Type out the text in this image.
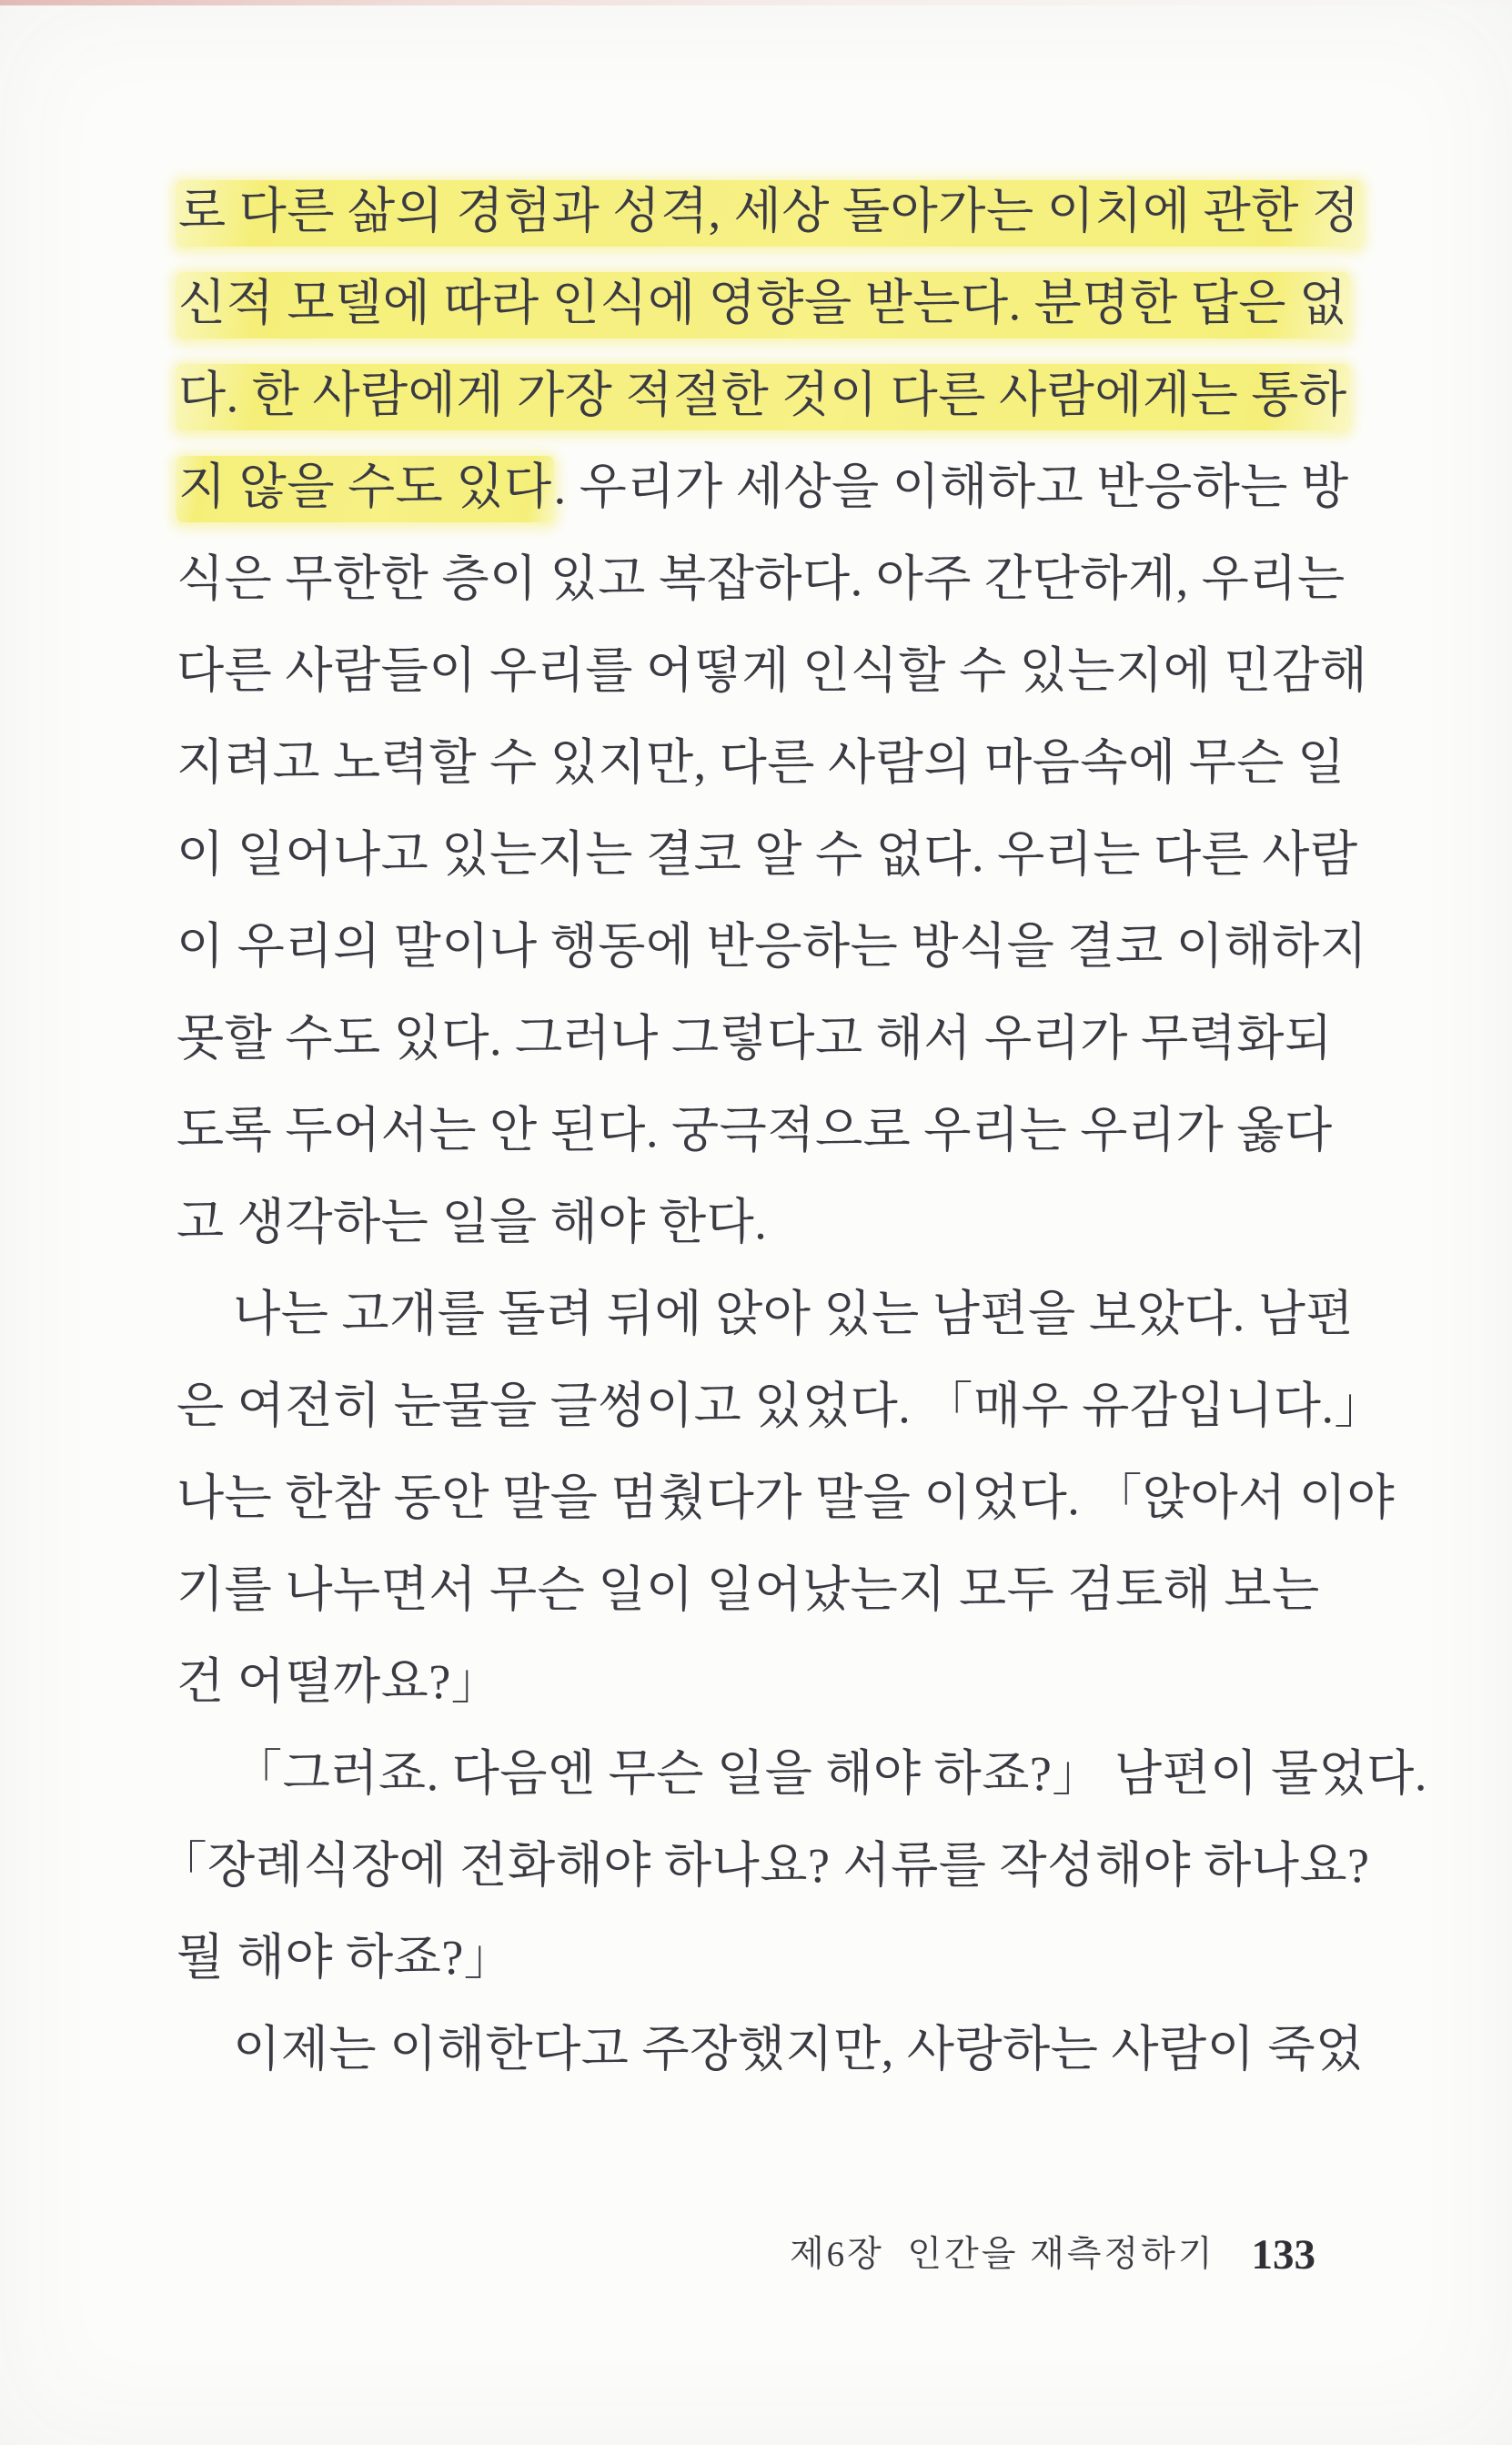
로 다른 삶의 경험과 성격, 세상 돌아가는 이치에 관한 정
신적 모델에 따라 인식에 영향을 받는다. 분명한 답은 없
다. 한 사람에게 가장 적절한 것이 다른 사람에게는 통하
지 않을 수도 있다. 우리가 세상을 이해하고 반응하는 방
식은 무한한 층이 있고 복잡하다. 아주 간단하게, 우리는
다른 사람들이 우리를 어떻게 인식할 수 있는지에 민감해
지려고 노력할 수 있지만, 다른 사람의 마음속에 무슨 일
이 일어나고 있는지는 결코 알 수 없다. 우리는 다른 사람
이 우리의 말이나 행동에 반응하는 방식을 결코 이해하지
못할 수도 있다. 그러나 그렇다고 해서 우리가 무력화되
도록 두어서는 안 된다. 궁극적으로 우리는 우리가 옳다
고 생각하는 일을 해야 한다.
나는 고개를 돌려 뒤에 앉아 있는 남편을 보았다. 남편
은 여전히 눈물을 글썽이고 있었다. 「매우 유감입니다.」
나는 한참 동안 말을 멈췄다가 말을 이었다. 「앉아서 이야
기를 나누면서 무슨 일이 일어났는지 모두 검토해 보는
건 어떨까요?」
「그러죠. 다음엔 무슨 일을 해야 하죠?」 남편이 물었다.
「장례식장에 전화해야 하나요? 서류를 작성해야 하나요?
뭘 해야 하죠?」
이제는 이해한다고 주장했지만, 사랑하는 사람이 죽었
제6장  인간을 재측정하기 133
